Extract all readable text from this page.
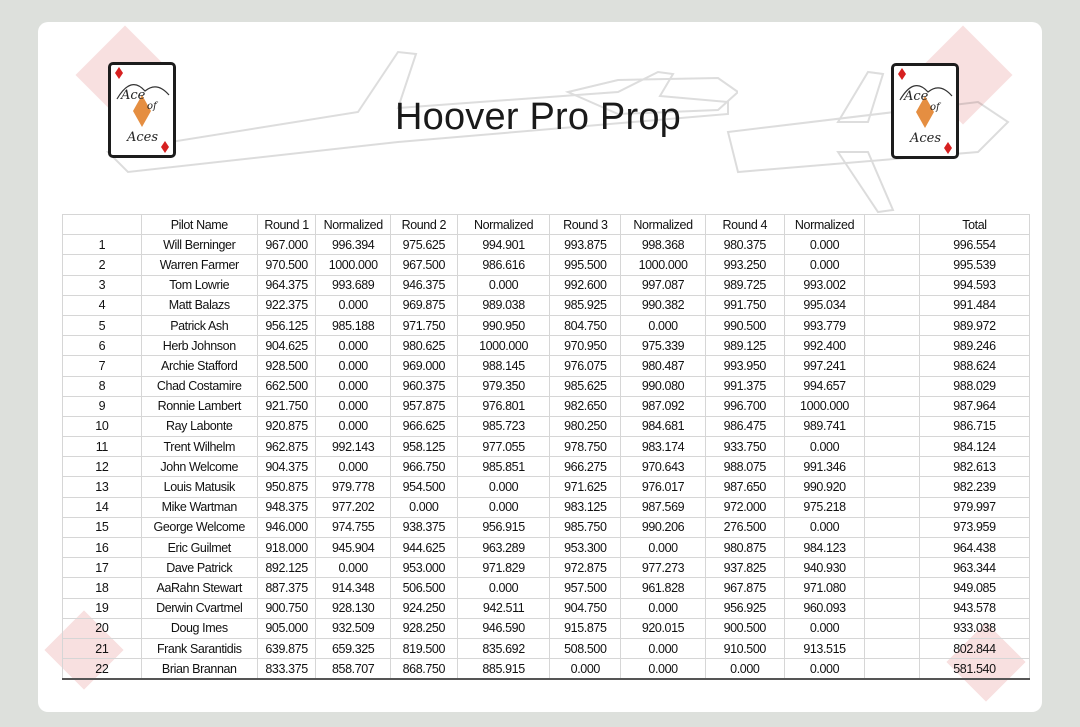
Ace
of
Aces
Ace
of
Aces
Hoover Pro Prop
	Pilot Name	Round 1	Normalized	Round 2	Normalized	Round 3	Normalized	Round 4	Normalized		Total
1	Will Berninger	967.000	996.394	975.625	994.901	993.875	998.368	980.375	0.000		996.554
2	Warren Farmer	970.500	1000.000	967.500	986.616	995.500	1000.000	993.250	0.000		995.539
3	Tom Lowrie	964.375	993.689	946.375	0.000	992.600	997.087	989.725	993.002		994.593
4	Matt Balazs	922.375	0.000	969.875	989.038	985.925	990.382	991.750	995.034		991.484
5	Patrick Ash	956.125	985.188	971.750	990.950	804.750	0.000	990.500	993.779		989.972
6	Herb Johnson	904.625	0.000	980.625	1000.000	970.950	975.339	989.125	992.400		989.246
7	Archie Stafford	928.500	0.000	969.000	988.145	976.075	980.487	993.950	997.241		988.624
8	Chad Costamire	662.500	0.000	960.375	979.350	985.625	990.080	991.375	994.657		988.029
9	Ronnie Lambert	921.750	0.000	957.875	976.801	982.650	987.092	996.700	1000.000		987.964
10	Ray Labonte	920.875	0.000	966.625	985.723	980.250	984.681	986.475	989.741		986.715
11	Trent Wilhelm	962.875	992.143	958.125	977.055	978.750	983.174	933.750	0.000		984.124
12	John Welcome	904.375	0.000	966.750	985.851	966.275	970.643	988.075	991.346		982.613
13	Louis Matusik	950.875	979.778	954.500	0.000	971.625	976.017	987.650	990.920		982.239
14	Mike Wartman	948.375	977.202	0.000	0.000	983.125	987.569	972.000	975.218		979.997
15	George Welcome	946.000	974.755	938.375	956.915	985.750	990.206	276.500	0.000		973.959
16	Eric Guilmet	918.000	945.904	944.625	963.289	953.300	0.000	980.875	984.123		964.438
17	Dave Patrick	892.125	0.000	953.000	971.829	972.875	977.273	937.825	940.930		963.344
18	AaRahn Stewart	887.375	914.348	506.500	0.000	957.500	961.828	967.875	971.080		949.085
19	Derwin Cvartmel	900.750	928.130	924.250	942.511	904.750	0.000	956.925	960.093		943.578
20	Doug Imes	905.000	932.509	928.250	946.590	915.875	920.015	900.500	0.000		933.038
21	Frank Sarantidis	639.875	659.325	819.500	835.692	508.500	0.000	910.500	913.515		802.844
22	Brian Brannan	833.375	858.707	868.750	885.915	0.000	0.000	0.000	0.000		581.540
